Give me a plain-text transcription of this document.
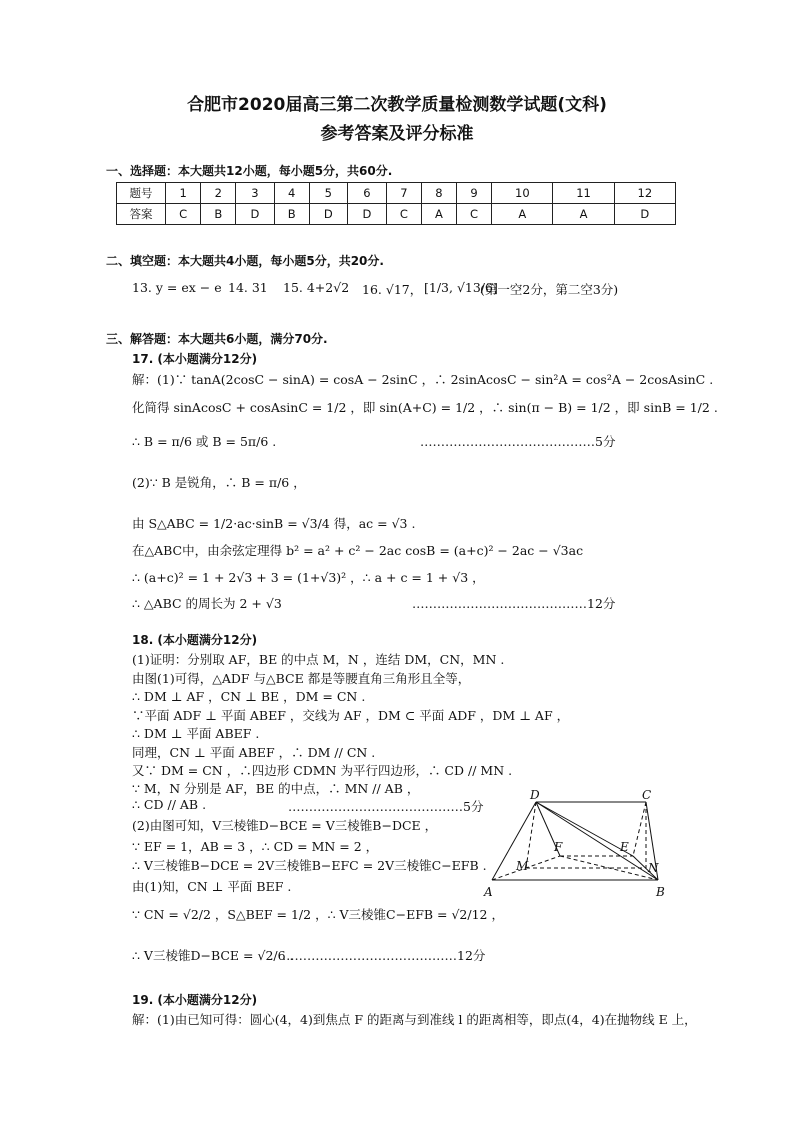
合肥市2020届高三第二次教学质量检测数学试题(文科)
参考答案及评分标准
一、选择题：本大题共12小题，每小题5分，共60分.
题号	1	2	3	4	5	6	7	8	9	10	11	12
答案	C	B	D	B	D	D	C	A	C	A	A	D
二、填空题：本大题共4小题，每小题5分，共20分.
13. y = ex − e 14. 31 15. 4+2√2 16. √17， [1/3, √13/6]
(第一空2分，第二空3分)
三、解答题：本大题共6小题，满分70分.
17. (本小题满分12分)
解：(1)∵ tanA(2cosC − sinA) = cosA − 2sinC ，∴ 2sinAcosC − sin²A = cos²A − 2cosAsinC .
化简得 sinAcosC + cosAsinC = 1/2 ，即 sin(A+C) = 1/2 ，∴ sin(π − B) = 1/2 ，即 sinB = 1/2 .
∴ B = π/6 或 B = 5π/6 .	……………………………………5分
(2)∵ B 是锐角，∴ B = π/6 ，
由 S△ABC = 1/2·ac·sinB = √3/4 得，ac = √3 .
在△ABC中，由余弦定理得 b² = a² + c² − 2ac cosB = (a+c)² − 2ac − √3ac
∴ (a+c)² = 1 + 2√3 + 3 = (1+√3)² ，∴ a + c = 1 + √3 ，
∴ △ABC 的周长为 2 + √3	……………………………………12分
18. (本小题满分12分)
(1)证明：分别取 AF，BE 的中点 M，N ，连结 DM，CN，MN .
由图(1)可得，△ADF 与△BCE 都是等腰直角三角形且全等，
∴ DM ⊥ AF ，CN ⊥ BE ，DM = CN .
∵平面 ADF ⊥ 平面 ABEF ，交线为 AF ，DM ⊂ 平面 ADF ，DM ⊥ AF ，
∴ DM ⊥ 平面 ABEF .
同理，CN ⊥ 平面 ABEF ，∴ DM // CN .
又∵ DM = CN ，∴四边形 CDMN 为平行四边形，∴ CD // MN .
∵ M，N 分别是 AF，BE 的中点，∴ MN // AB ，
∴ CD // AB .	……………………………………5分
(2)由图可知，V三棱锥D−BCE = V三棱锥B−DCE ，
∵ EF = 1，AB = 3 ，∴ CD = MN = 2 ，
∴ V三棱锥B−DCE = 2V三棱锥B−EFC = 2V三棱锥C−EFB .
由(1)知，CN ⊥ 平面 BEF .
∵ CN = √2/2 ，S△BEF = 1/2 ，∴ V三棱锥C−EFB = √2/12 ，
∴ V三棱锥D−BCE = √2/6 .
……………………………………12分
19. (本小题满分12分)
解：(1)由已知可得：圆心(4，4)到焦点 F 的距离与到准线 l 的距离相等，即点(4，4)在抛物线 E 上，
D	C
A	B
E
F
M	N
